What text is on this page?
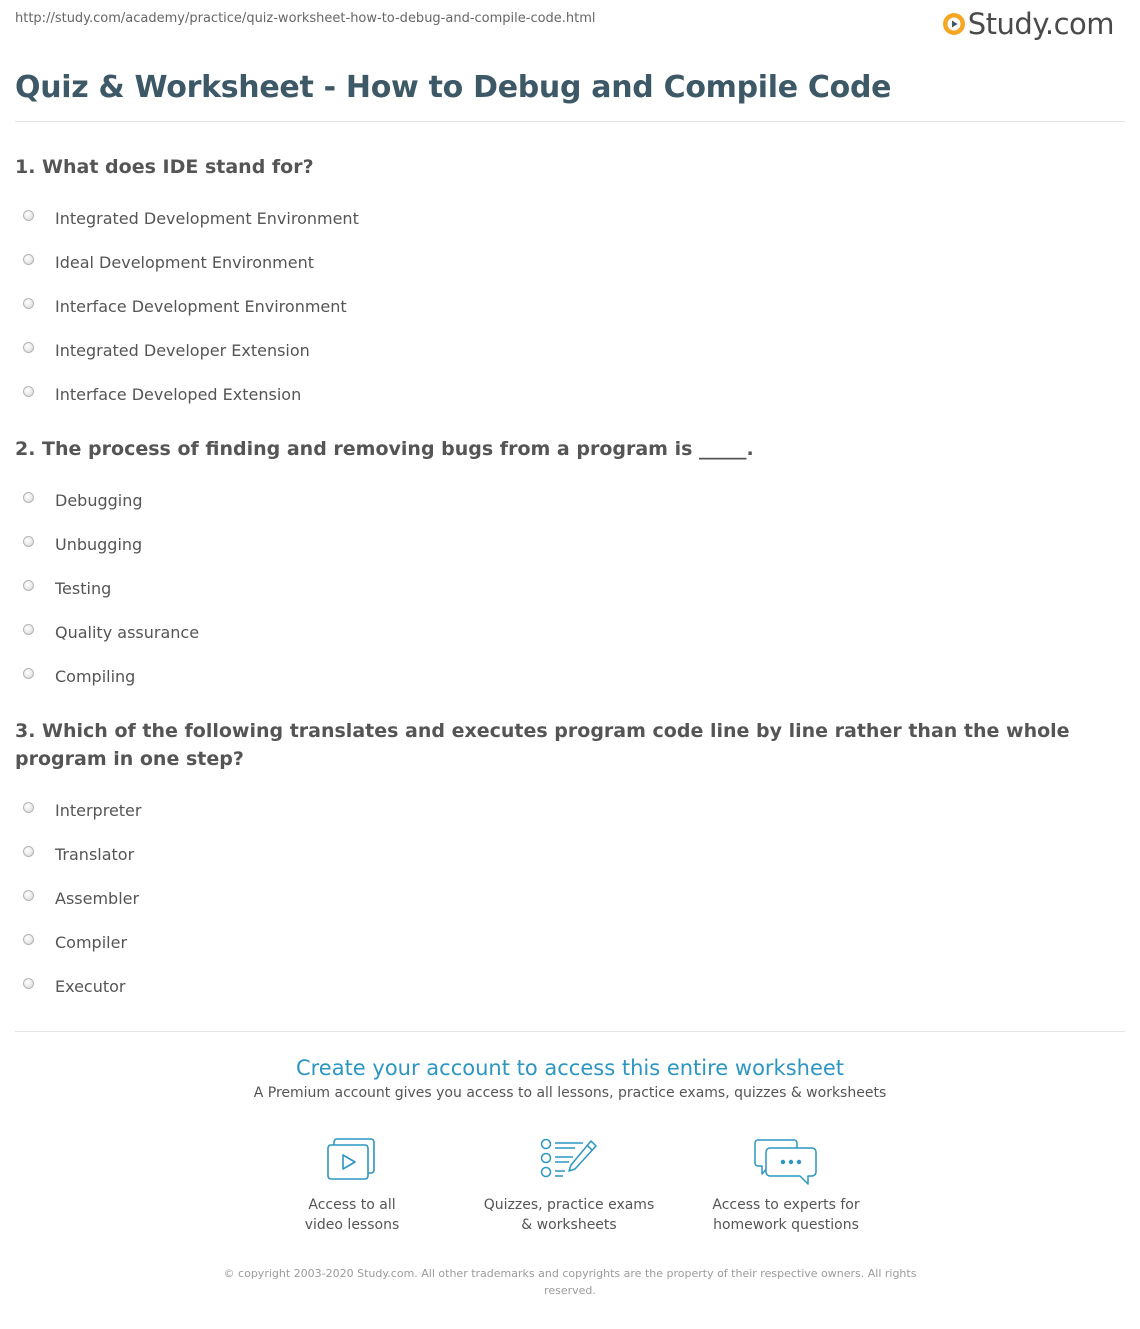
http://study.com/academy/practice/quiz-worksheet-how-to-debug-and-compile-code.html	Study.com
Quiz & Worksheet - How to Debug and Compile Code
1. What does IDE stand for?
Integrated Development Environment
Ideal Development Environment
Interface Development Environment
Integrated Developer Extension
Interface Developed Extension
2. The process of finding and removing bugs from a program is _____.
Debugging
Unbugging
Testing
Quality assurance
Compiling
3. Which of the following translates and executes program code line by line rather than the whole program in one step?
Interpreter
Translator
Assembler
Compiler
Executor
Create your account to access this entire worksheet
A Premium account gives you access to all lessons, practice exams, quizzes & worksheets
Access to all
video lessons
Quizzes, practice exams
& worksheets
Access to experts for
homework questions
© copyright 2003-2020 Study.com. All other trademarks and copyrights are the property of their respective owners. All rights reserved.
